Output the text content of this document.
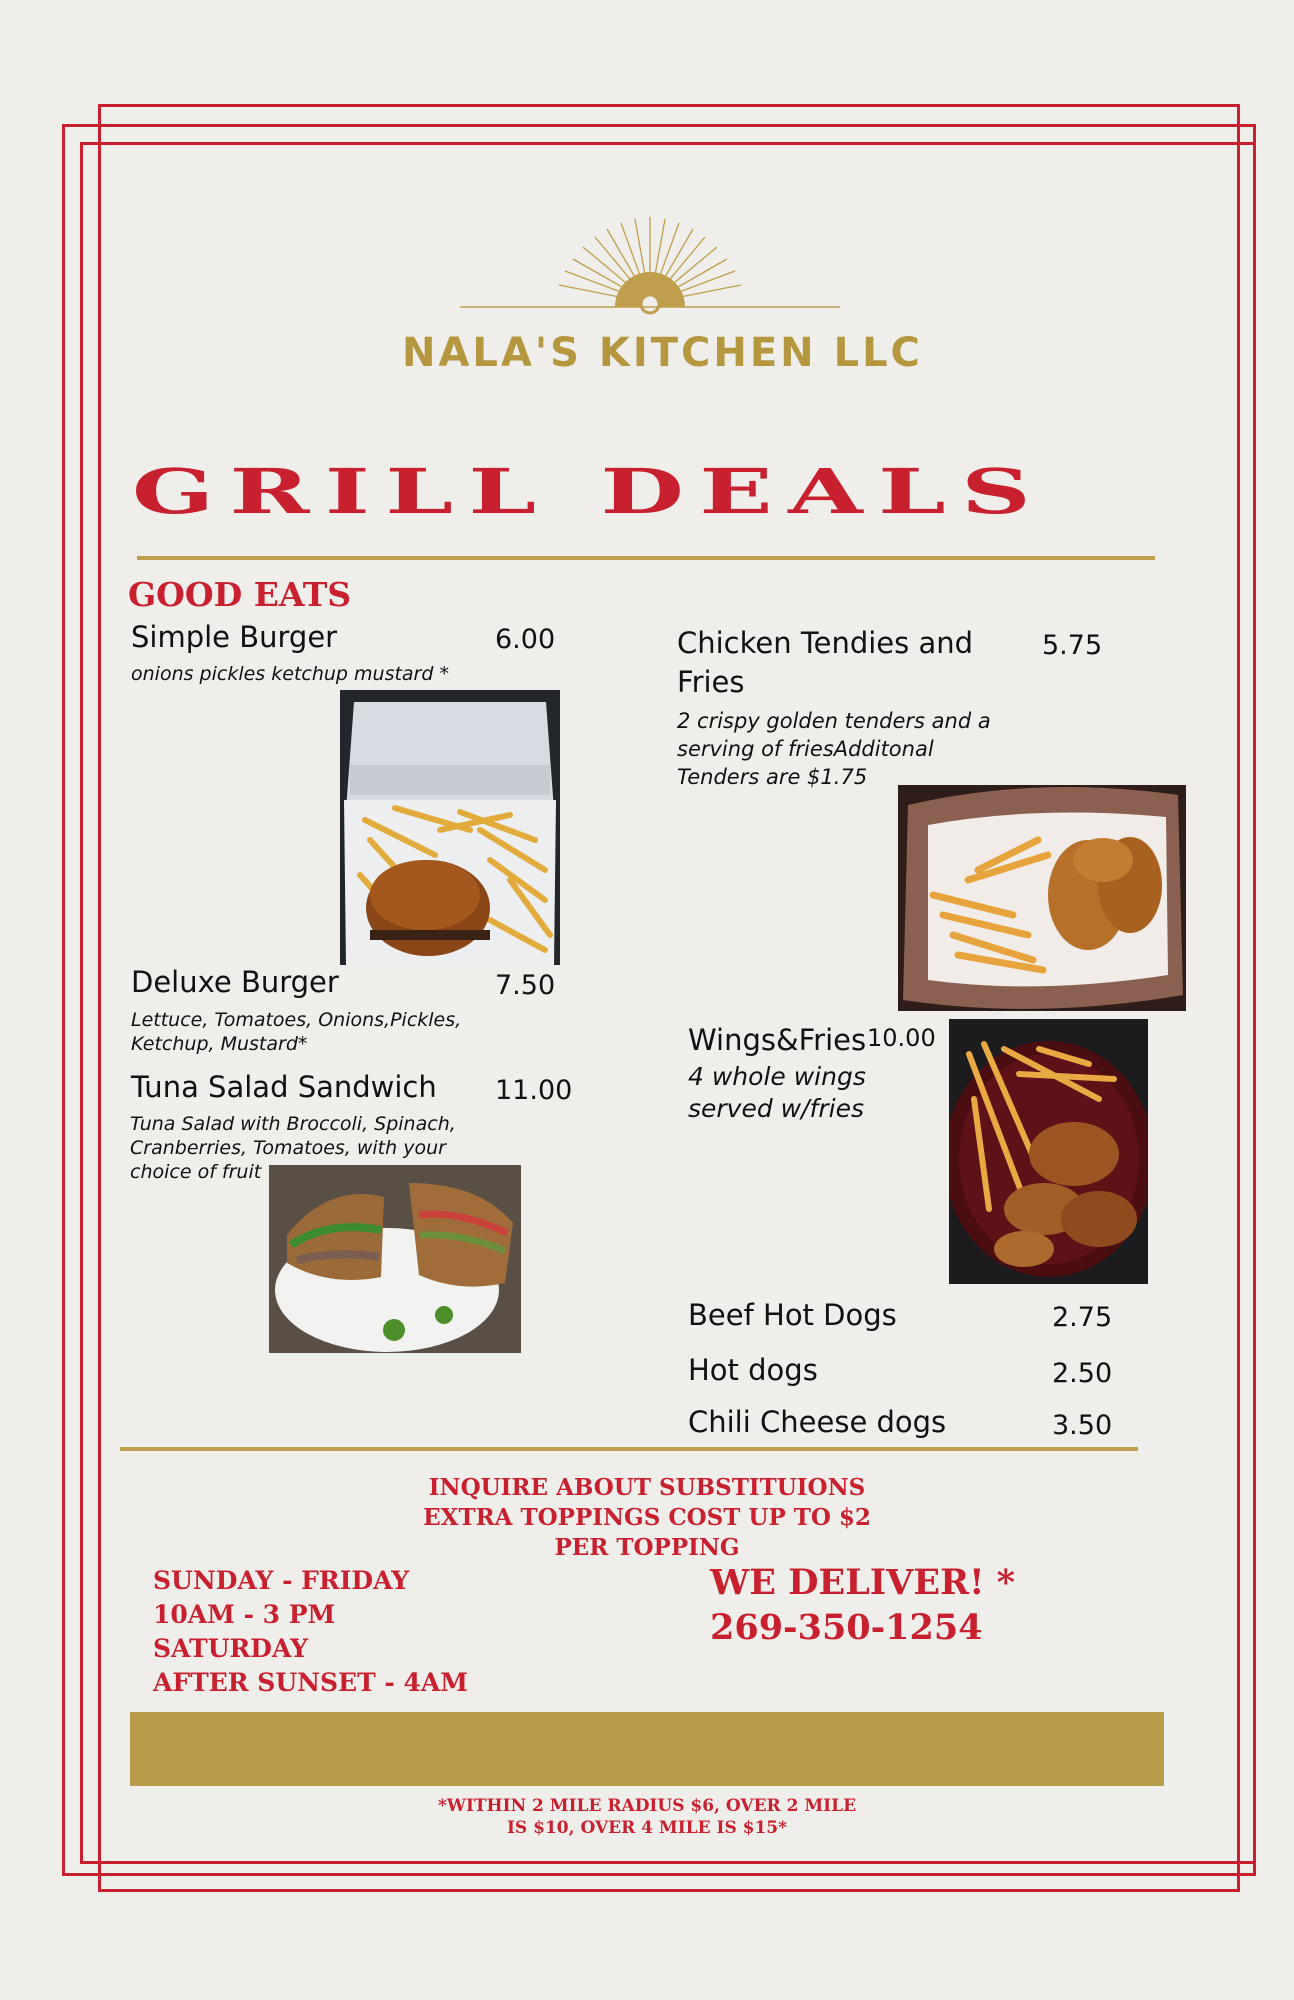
NALA'S KITCHEN LLC
GRILL DEALS
GOOD EATS
Simple Burger	6.00
onions pickles ketchup mustard *
Deluxe Burger	7.50
Lettuce, Tomatoes, Onions,Pickles, Ketchup, Mustard*
Tuna Salad Sandwich 11.00
Tuna Salad with Broccoli, Spinach, Cranberries, Tomatoes, with your choice of fruit
Chicken Tendies and Fries
5.75
2 crispy golden tenders and a serving of friesAdditonal Tenders are $1.75
Wings&Fries 10.00
4 whole wings served w/fries
Beef Hot Dogs	2.75
Hot dogs	2.50
Chili Cheese dogs	3.50
INQUIRE ABOUT SUBSTITUIONS
EXTRA TOPPINGS COST UP TO $2
PER TOPPING
SUNDAY - FRIDAY
10AM - 3 PM
SATURDAY
AFTER SUNSET - 4AM
WE DELIVER! *
269-350-1254
*WITHIN 2 MILE RADIUS $6, OVER 2 MILE
IS $10, OVER 4 MILE IS $15*
